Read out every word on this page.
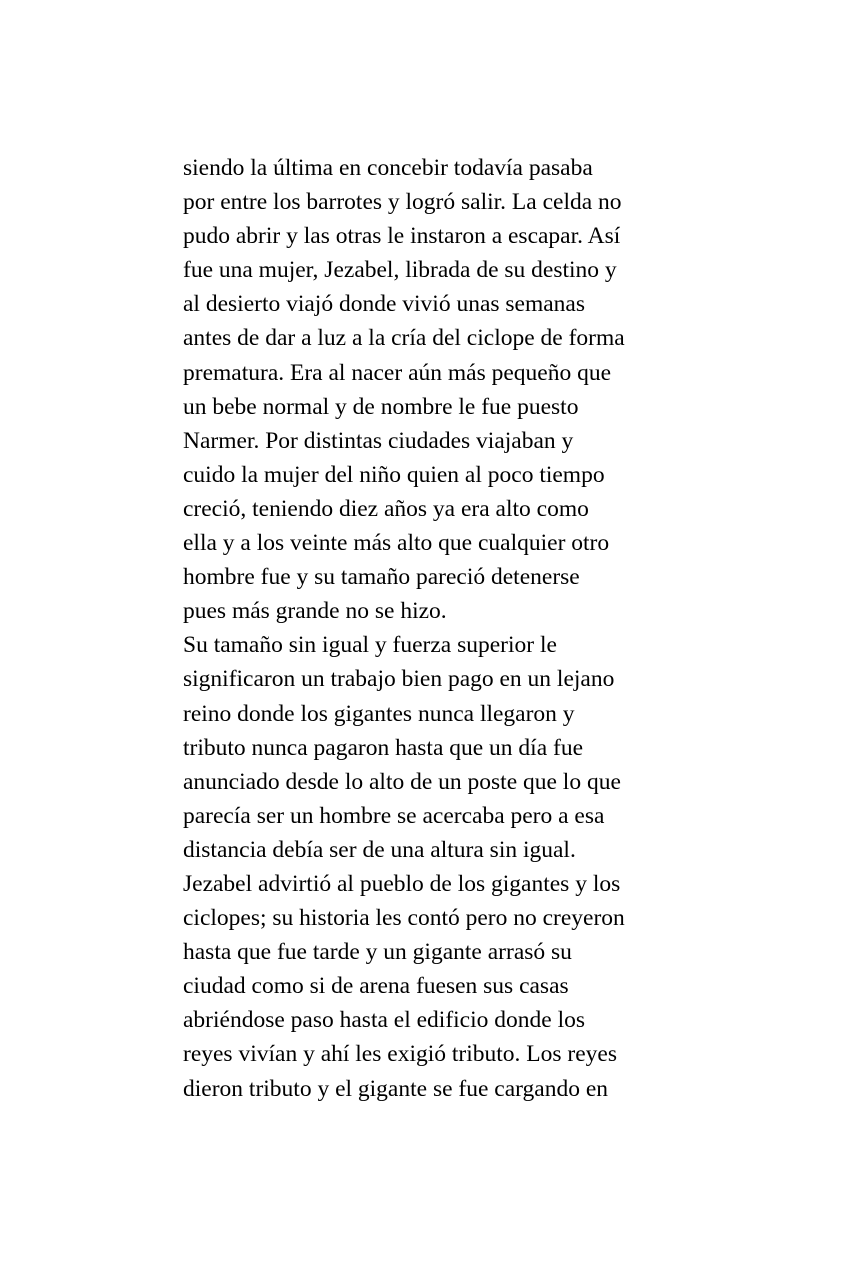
siendo la última en concebir todavía pasaba
por entre los barrotes y logró salir. La celda no
pudo abrir y las otras le instaron a escapar. Así
fue una mujer, Jezabel, librada de su destino y
al desierto viajó donde vivió unas semanas
antes de dar a luz a la cría del ciclope de forma
prematura. Era al nacer aún más pequeño que
un bebe normal y de nombre le fue puesto
Narmer. Por distintas ciudades viajaban y
cuido la mujer del niño quien al poco tiempo
creció, teniendo diez años ya era alto como
ella y a los veinte más alto que cualquier otro
hombre fue y su tamaño pareció detenerse
pues más grande no se hizo.
Su tamaño sin igual y fuerza superior le
significaron un trabajo bien pago en un lejano
reino donde los gigantes nunca llegaron y
tributo nunca pagaron hasta que un día fue
anunciado desde lo alto de un poste que lo que
parecía ser un hombre se acercaba pero a esa
distancia debía ser de una altura sin igual.
Jezabel advirtió al pueblo de los gigantes y los
ciclopes; su historia les contó pero no creyeron
hasta que fue tarde y un gigante arrasó su
ciudad como si de arena fuesen sus casas
abriéndose paso hasta el edificio donde los
reyes vivían y ahí les exigió tributo. Los reyes
dieron tributo y el gigante se fue cargando en
